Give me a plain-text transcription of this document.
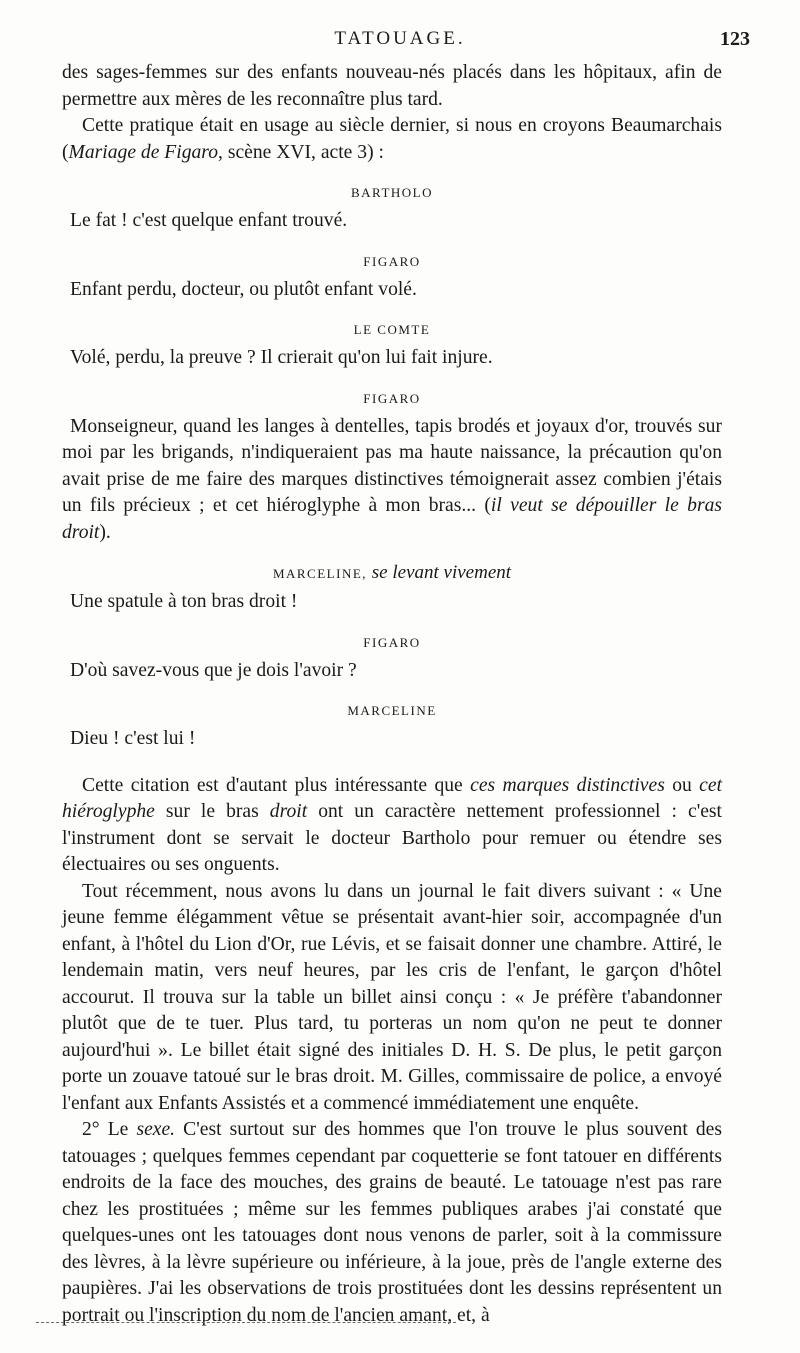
TATOUAGE.	123

des sages-femmes sur des enfants nouveau-nés placés dans les hôpitaux, afin de permettre aux mères de les reconnaître plus tard.

Cette pratique était en usage au siècle dernier, si nous en croyons Beaumarchais (Mariage de Figaro, scène XVI, acte 3) :

BARTHOLO

Le fat ! c'est quelque enfant trouvé.

FIGARO

Enfant perdu, docteur, ou plutôt enfant volé.

LE COMTE

Volé, perdu, la preuve ? Il crierait qu'on lui fait injure.

FIGARO

Monseigneur, quand les langes à dentelles, tapis brodés et joyaux d'or, trouvés sur moi par les brigands, n'indiqueraient pas ma haute naissance, la précaution qu'on avait prise de me faire des marques distinctives témoignerait assez combien j'étais un fils précieux ; et cet hiéroglyphe à mon bras... (il veut se dépouiller le bras droit).

MARCELINE, se levant vivement

Une spatule à ton bras droit !

FIGARO

D'où savez-vous que je dois l'avoir ?

MARCELINE

Dieu ! c'est lui !

Cette citation est d'autant plus intéressante que ces marques distinctives ou cet hiéroglyphe sur le bras droit ont un caractère nettement professionnel : c'est l'instrument dont se servait le docteur Bartholo pour remuer ou étendre ses électuaires ou ses onguents.

Tout récemment, nous avons lu dans un journal le fait divers suivant : « Une jeune femme élégamment vêtue se présentait avant-hier soir, accompagnée d'un enfant, à l'hôtel du Lion d'Or, rue Lévis, et se faisait donner une chambre. Attiré, le lendemain matin, vers neuf heures, par les cris de l'enfant, le garçon d'hôtel accourut. Il trouva sur la table un billet ainsi conçu : « Je préfère t'abandonner plutôt que de te tuer. Plus tard, tu porteras un nom qu'on ne peut te donner aujourd'hui ». Le billet était signé des initiales D. H. S. De plus, le petit garçon porte un zouave tatoué sur le bras droit. M. Gilles, commissaire de police, a envoyé l'enfant aux Enfants Assistés et a commencé immédiatement une enquête.

2° Le sexe. C'est surtout sur des hommes que l'on trouve le plus souvent des tatouages ; quelques femmes cependant par coquetterie se font tatouer en différents endroits de la face des mouches, des grains de beauté. Le tatouage n'est pas rare chez les prostituées ; même sur les femmes publiques arabes j'ai constaté que quelques-unes ont les tatouages dont nous venons de parler, soit à la commissure des lèvres, à la lèvre supérieure ou inférieure, à la joue, près de l'angle externe des paupières. J'ai les observations de trois prostituées dont les dessins représentent un portrait ou l'inscription du nom de l'ancien amant, et, à
